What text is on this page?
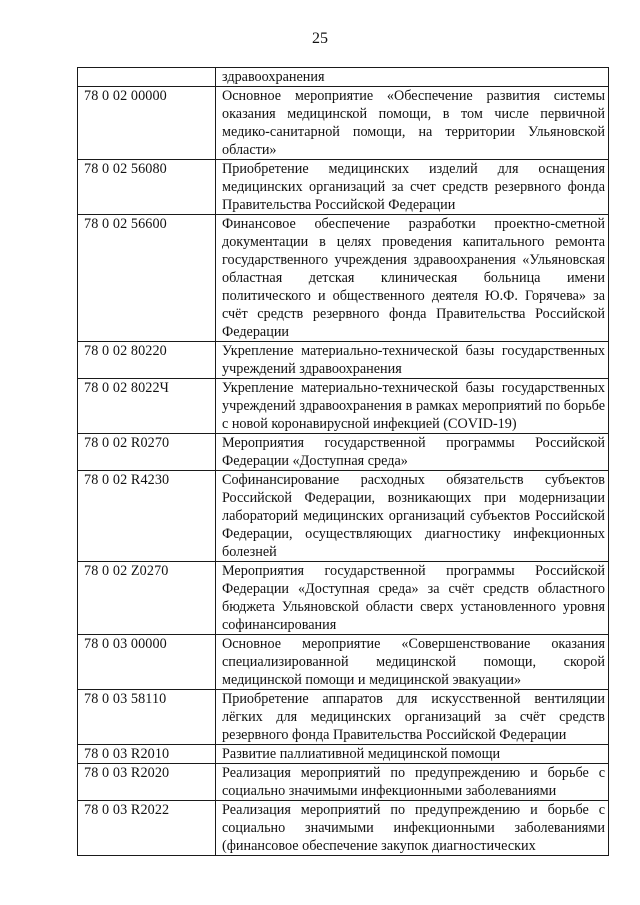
25
	здравоохранения
78 0 02 00000	Основное мероприятие «Обеспечение развития системы оказания медицинской помощи, в том числе первичной медико-санитарной помощи, на территории Ульяновской области»
78 0 02 56080	Приобретение медицинских изделий для оснащения медицинских организаций за счет средств резервного фонда Правительства Российской Федерации
78 0 02 56600	Финансовое обеспечение разработки проектно-сметной документации в целях проведения капитального ремонта государственного учреждения здравоохранения «Ульяновская областная детская клиническая больница имени политического и общественного деятеля Ю.Ф. Горячева» за счёт средств резервного фонда Правительства Российской Федерации
78 0 02 80220	Укрепление материально-технической базы государственных учреждений здравоохранения
78 0 02 8022Ч	Укрепление материально-технической базы государственных учреждений здравоохранения в рамках мероприятий по борьбе с новой коронавирусной инфекцией (COVID-19)
78 0 02 R0270	Мероприятия государственной программы Российской Федерации «Доступная среда»
78 0 02 R4230	Софинансирование расходных обязательств субъектов Российской Федерации, возникающих при модернизации лабораторий медицинских организаций субъектов Российской Федерации, осуществляющих диагностику инфекционных болезней
78 0 02 Z0270	Мероприятия государственной программы Российской Федерации «Доступная среда» за счёт средств областного бюджета Ульяновской области сверх установленного уровня софинансирования
78 0 03 00000	Основное мероприятие «Совершенствование оказания специализированной медицинской помощи, скорой медицинской помощи и медицинской эвакуации»
78 0 03 58110	Приобретение аппаратов для искусственной вентиляции лёгких для медицинских организаций за счёт средств резервного фонда Правительства Российской Федерации
78 0 03 R2010	Развитие паллиативной медицинской помощи
78 0 03 R2020	Реализация мероприятий по предупреждению и борьбе с социально значимыми инфекционными заболеваниями
78 0 03 R2022	Реализация мероприятий по предупреждению и борьбе с социально значимыми инфекционными заболеваниями (финансовое обеспечение закупок диагностических
